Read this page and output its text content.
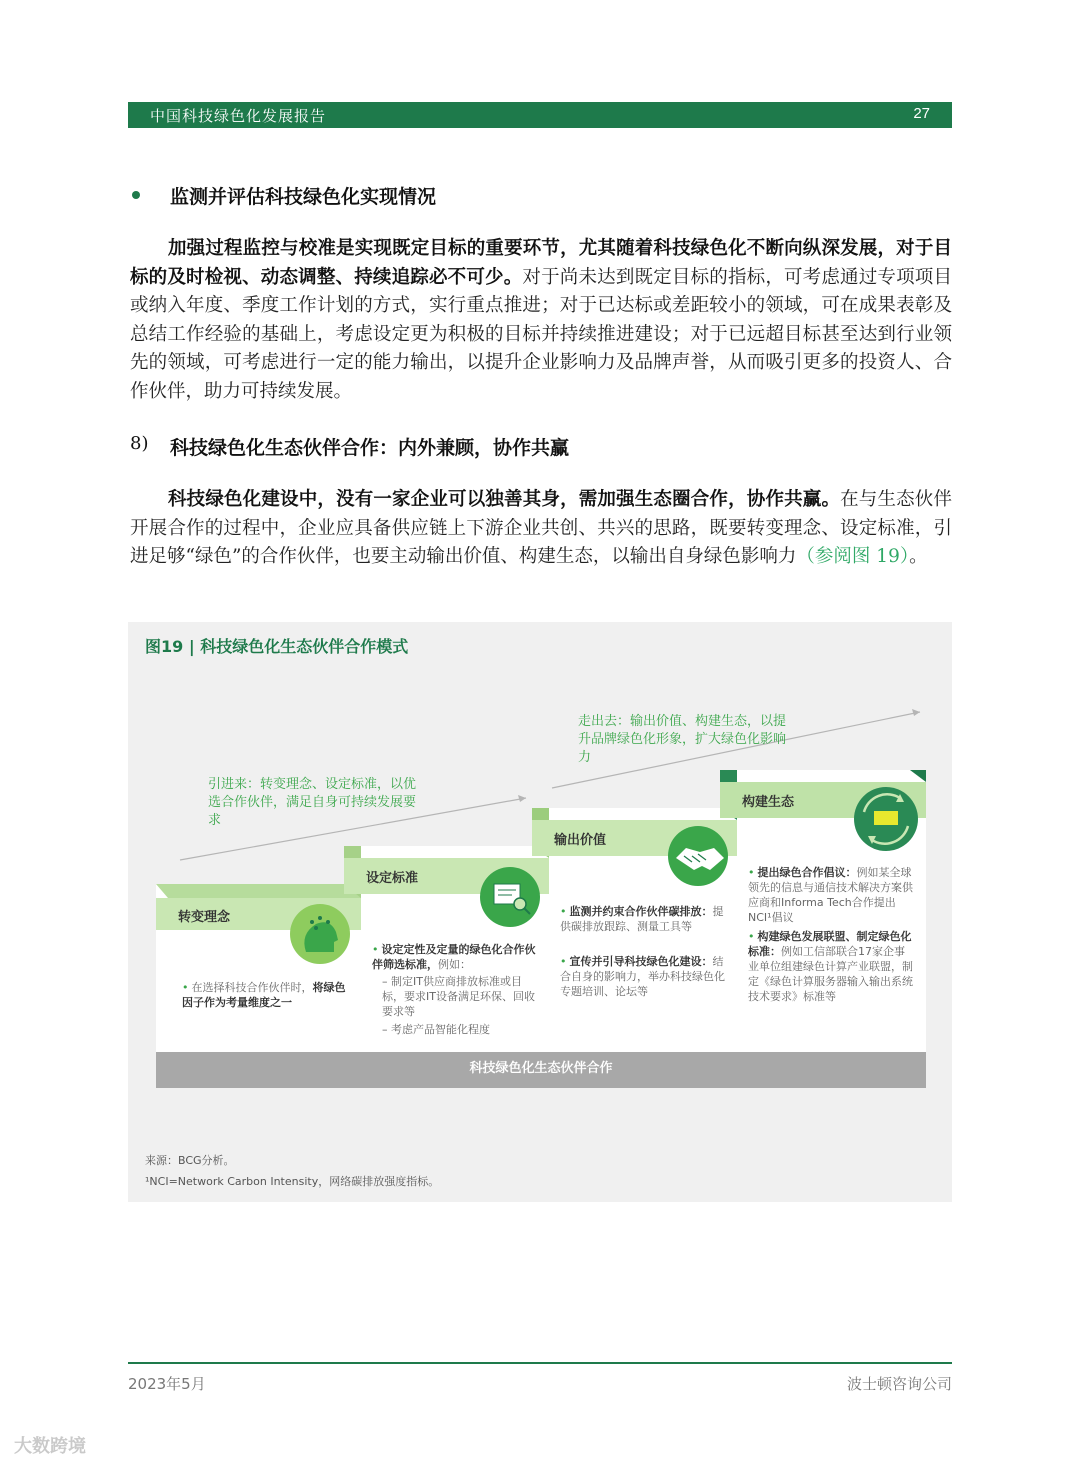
中国科技绿色化发展报告	27
监测并评估科技绿色化实现情况
加强过程监控与校准是实现既定目标的重要环节，尤其随着科技绿色化不断向纵深发展，对于目标的及时检视、动态调整、持续追踪必不可少。对于尚未达到既定目标的指标，可考虑通过专项项目或纳入年度、季度工作计划的方式，实行重点推进；对于已达标或差距较小的领域，可在成果表彰及总结工作经验的基础上，考虑设定更为积极的目标并持续推进建设；对于已远超目标甚至达到行业领先的领域，可考虑进行一定的能力输出，以提升企业影响力及品牌声誉，从而吸引更多的投资人、合作伙伴，助力可持续发展。
8) 科技绿色化生态伙伴合作：内外兼顾，协作共赢
科技绿色化建设中，没有一家企业可以独善其身，需加强生态圈合作，协作共赢。在与生态伙伴开展合作的过程中，企业应具备供应链上下游企业共创、共兴的思路，既要转变理念、设定标准，引进足够“绿色”的合作伙伴，也要主动输出价值、构建生态，以输出自身绿色影响力（参阅图 19）。
图19 | 科技绿色化生态伙伴合作模式
引进来：转变理念、设定标准，以优选合作伙伴，满足自身可持续发展要求
走出去：输出价值、构建生态，以提升品牌绿色化形象，扩大绿色化影响力
转变理念
设定标准
输出价值
构建生态
• 在选择科技合作伙伴时，将绿色因子作为考量维度之一
• 设定定性及定量的绿色化合作伙伴筛选标准，例如：
– 制定IT供应商排放标准或目标，要求IT设备满足环保、回收要求等
– 考虑产品智能化程度
• 监测并约束合作伙伴碳排放：提供碳排放跟踪、测量工具等
• 宣传并引导科技绿色化建设：结合自身的影响力，举办科技绿色化专题培训、论坛等
• 提出绿色合作倡议：例如某全球领先的信息与通信技术解决方案供应商和Informa Tech合作提出NCI¹倡议
• 构建绿色发展联盟、制定绿色化标准：例如工信部联合17家企事业单位组建绿色计算产业联盟，制定《绿色计算服务器输入输出系统技术要求》标准等
科技绿色化生态伙伴合作
来源：BCG分析。
¹NCI=Network Carbon Intensity，网络碳排放强度指标。
2023年5月	波士顿咨询公司
大数跨境
